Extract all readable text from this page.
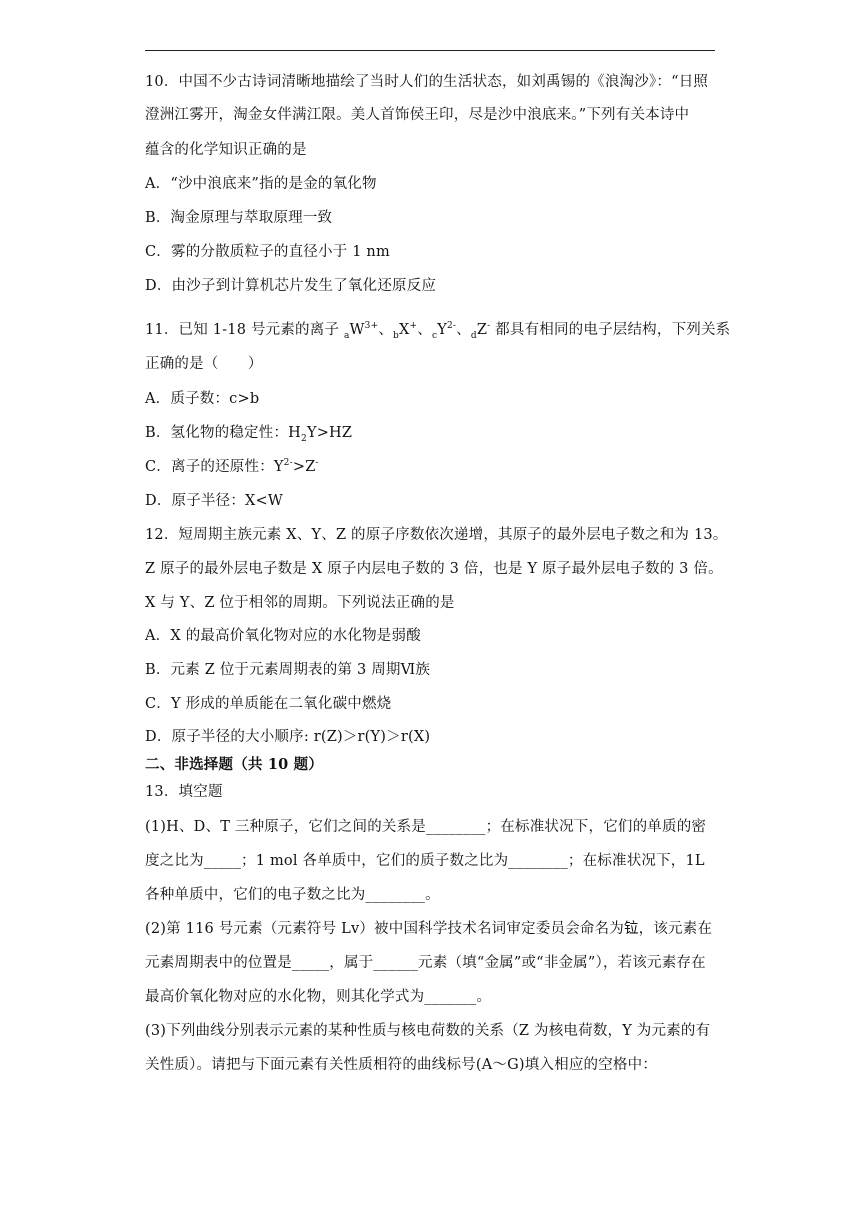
10．中国不少古诗词清晰地描绘了当时人们的生活状态，如刘禹锡的《浪淘沙》：“日照
澄洲江雾开，淘金女伴满江限。美人首饰侯王印，尽是沙中浪底来。”下列有关本诗中
蕴含的化学知识正确的是
A．“沙中浪底来”指的是金的氧化物
B．淘金原理与萃取原理一致
C．雾的分散质粒子的直径小于 1 nm
D．由沙子到计算机芯片发生了氧化还原反应
11．已知 1-18 号元素的离子 $_aW^{3+}$、$_b$X+、$_cY^{2-}$、$_d$Z- 都具有相同的电子层结构，下列关系
正确的是（　　）
A．质子数：c>b
B．氢化物的稳定性：$H_2Y>HZ$
C．离子的还原性：$Y^{2-}>Z^-$
D．原子半径：X<W
12．短周期主族元素 X、Y、Z 的原子序数依次递增，其原子的最外层电子数之和为 13。
Z 原子的最外层电子数是 X 原子内层电子数的 3 倍，也是 Y 原子最外层电子数的 3 倍。
X 与 Y、Z 位于相邻的周期。下列说法正确的是
A．X 的最高价氧化物对应的水化物是弱酸
B．元素 Z 位于元素周期表的第 3 周期Ⅵ族
C．Y 形成的单质能在二氧化碳中燃烧
D．原子半径的大小顺序: r(Z)＞r(Y)＞r(X)
二、非选择题（共 10 题）
13．填空题
(1)H、D、T 三种原子，它们之间的关系是________；在标准状况下，它们的单质的密
度之比为_____；1 mol 各单质中，它们的质子数之比为________；在标准状况下，1L
各种单质中，它们的电子数之比为________。
(2)第 116 号元素（元素符号 Lv）被中国科学技术名词审定委员会命名为𫟷，该元素在
元素周期表中的位置是_____，属于______元素（填“金属”或“非金属”），若该元素存在
最高价氧化物对应的水化物，则其化学式为_______。
(3)下列曲线分别表示元素的某种性质与核电荷数的关系（Z 为核电荷数，Y 为元素的有
关性质）。请把与下面元素有关性质相符的曲线标号(A～G)填入相应的空格中：
